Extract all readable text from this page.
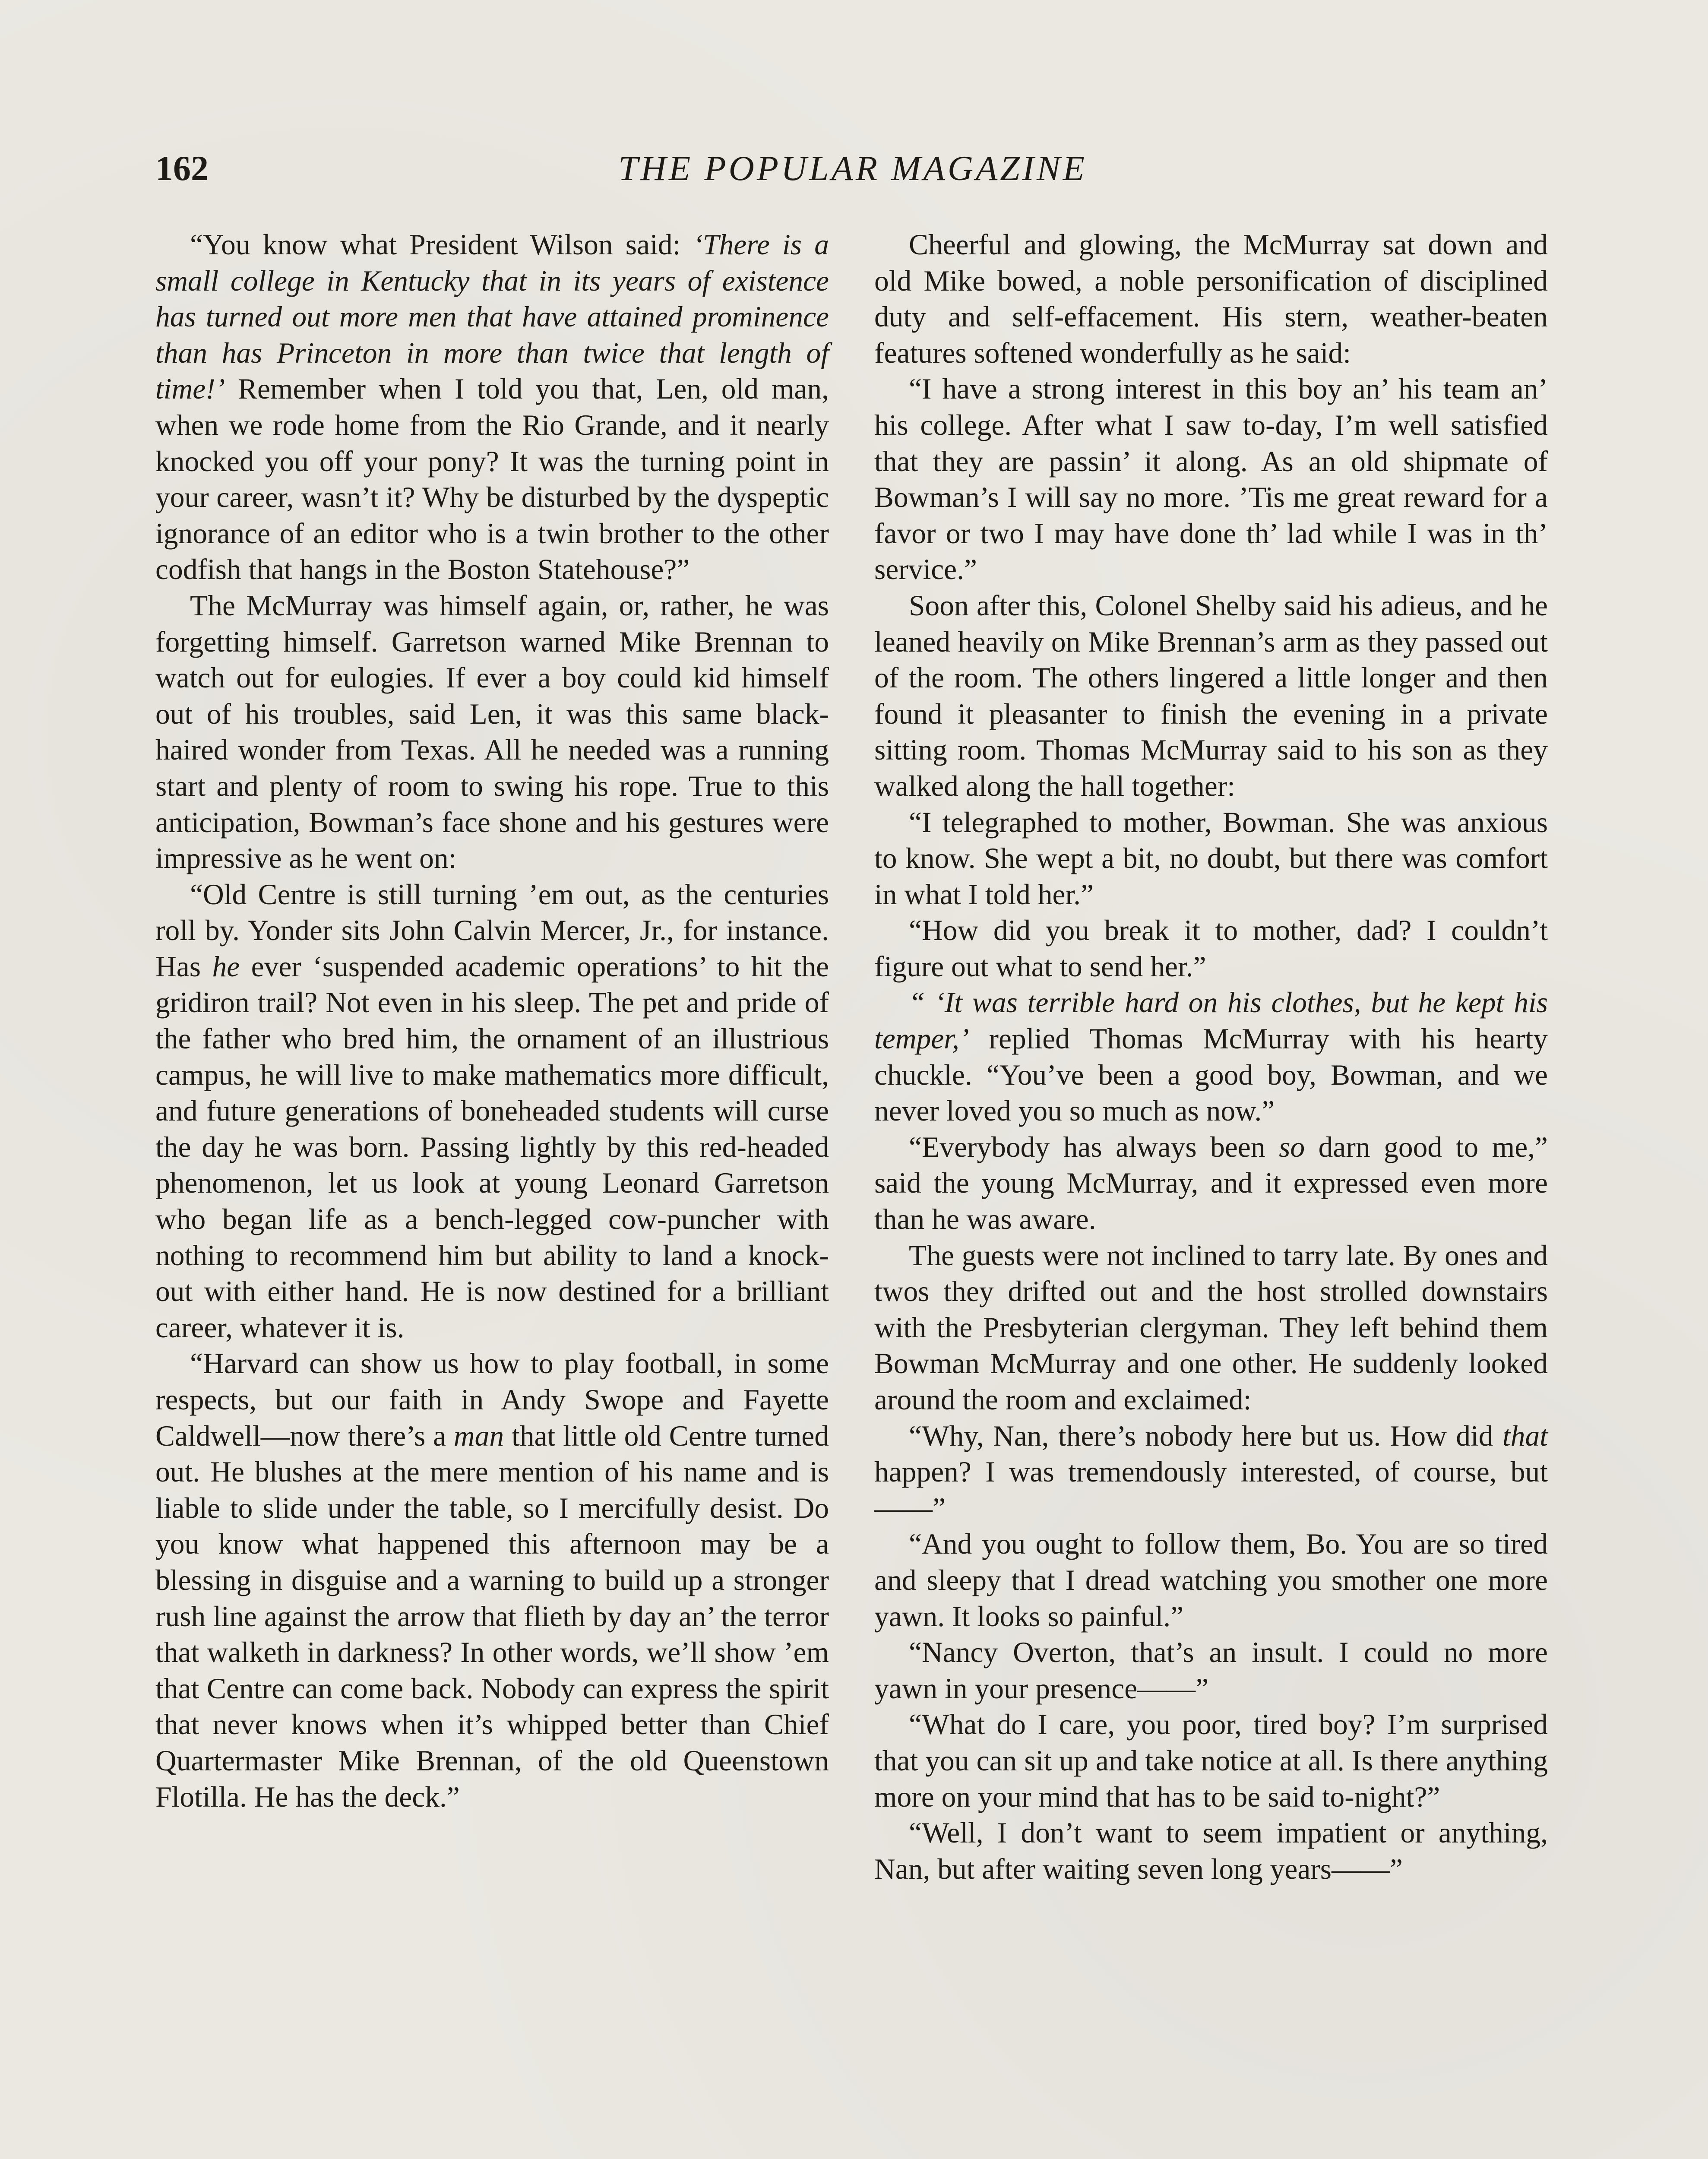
162	THE POPULAR MAGAZINE

“You know what President Wilson said: ‘There is a small college in Kentucky that in its years of existence has turned out more men that have attained prominence than has Princeton in more than twice that length of time!’ Remember when I told you that, Len, old man, when we rode home from the Rio Grande, and it nearly knocked you off your pony? It was the turning point in your career, wasn’t it? Why be disturbed by the dyspeptic ignorance of an editor who is a twin brother to the other codfish that hangs in the Boston Statehouse?”

The McMurray was himself again, or, rather, he was forgetting himself. Garretson warned Mike Brennan to watch out for eulogies. If ever a boy could kid himself out of his troubles, said Len, it was this same black-haired wonder from Texas. All he needed was a running start and plenty of room to swing his rope. True to this anticipation, Bowman’s face shone and his gestures were impressive as he went on:

“Old Centre is still turning ’em out, as the centuries roll by. Yonder sits John Calvin Mercer, Jr., for instance. Has he ever ‘suspended academic operations’ to hit the gridiron trail? Not even in his sleep. The pet and pride of the father who bred him, the ornament of an illustrious campus, he will live to make mathematics more difficult, and future generations of boneheaded students will curse the day he was born. Passing lightly by this red-headed phenomenon, let us look at young Leonard Garretson who began life as a bench-legged cow-puncher with nothing to recommend him but ability to land a knock-out with either hand. He is now destined for a brilliant career, whatever it is.

“Harvard can show us how to play football, in some respects, but our faith in Andy Swope and Fayette Caldwell—now there’s a man that little old Centre turned out. He blushes at the mere mention of his name and is liable to slide under the table, so I mercifully desist. Do you know what happened this afternoon may be a blessing in disguise and a warning to build up a stronger rush line against the arrow that flieth by day an’ the terror that walketh in darkness? In other words, we’ll show ’em that Centre can come back. Nobody can express the spirit that never knows when it’s whipped better than Chief Quartermaster Mike Brennan, of the old Queenstown Flotilla. He has the deck.”

Cheerful and glowing, the McMurray sat down and old Mike bowed, a noble personification of disciplined duty and self-effacement. His stern, weather-beaten features softened wonderfully as he said:

“I have a strong interest in this boy an’ his team an’ his college. After what I saw to-day, I’m well satisfied that they are passin’ it along. As an old shipmate of Bowman’s I will say no more. ’Tis me great reward for a favor or two I may have done th’ lad while I was in th’ service.”

Soon after this, Colonel Shelby said his adieus, and he leaned heavily on Mike Brennan’s arm as they passed out of the room. The others lingered a little longer and then found it pleasanter to finish the evening in a private sitting room. Thomas McMurray said to his son as they walked along the hall together:

“I telegraphed to mother, Bowman. She was anxious to know. She wept a bit, no doubt, but there was comfort in what I told her.”

“How did you break it to mother, dad? I couldn’t figure out what to send her.”

“ ‘It was terrible hard on his clothes, but he kept his temper,’ replied Thomas McMurray with his hearty chuckle. “You’ve been a good boy, Bowman, and we never loved you so much as now.”

“Everybody has always been so darn good to me,” said the young McMurray, and it expressed even more than he was aware.

The guests were not inclined to tarry late. By ones and twos they drifted out and the host strolled downstairs with the Presbyterian clergyman. They left behind them Bowman McMurray and one other. He suddenly looked around the room and exclaimed:

“Why, Nan, there’s nobody here but us. How did that happen? I was tremendously interested, of course, but——”

“And you ought to follow them, Bo. You are so tired and sleepy that I dread watching you smother one more yawn. It looks so painful.”

“Nancy Overton, that’s an insult. I could no more yawn in your presence——”

“What do I care, you poor, tired boy? I’m surprised that you can sit up and take notice at all. Is there anything more on your mind that has to be said to-night?”

“Well, I don’t want to seem impatient or anything, Nan, but after waiting seven long years——”
